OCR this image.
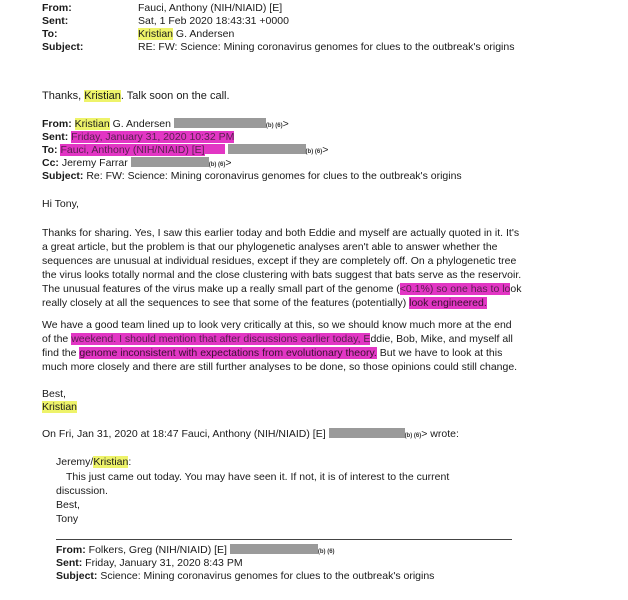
From:	Fauci, Anthony (NIH/NIAID) [E]
Sent:	Sat, 1 Feb 2020 18:43:31 +0000
To:	Kristian G. Andersen
Subject:	RE: FW: Science: Mining coronavirus genomes for clues to the outbreak's origins
Thanks, Kristian. Talk soon on the call.
From: Kristian G. Andersen	(b) (6)>
Sent: Friday, January 31, 2020 10:32 PM
To: Fauci, Anthony (NIH/NIAID) [E]	(b) (6)>
Cc: Jeremy Farrar	(b) (6)>
Subject: Re: FW: Science: Mining coronavirus genomes for clues to the outbreak's origins
Hi Tony,
Thanks for sharing. Yes, I saw this earlier today and both Eddie and myself are actually quoted in it. It's a great article, but the problem is that our phylogenetic analyses aren't able to answer whether the sequences are unusual at individual residues, except if they are completely off. On a phylogenetic tree the virus looks totally normal and the close clustering with bats suggest that bats serve as the reservoir. The unusual features of the virus make up a really small part of the genome (<0.1%) so one has to look really closely at all the sequences to see that some of the features (potentially) look engineered.
We have a good team lined up to look very critically at this, so we should know much more at the end of the weekend. I should mention that after discussions earlier today, Eddie, Bob, Mike, and myself all find the genome inconsistent with expectations from evolutionary theory. But we have to look at this much more closely and there are still further analyses to be done, so those opinions could still change.
Best,
Kristian
On Fri, Jan 31, 2020 at 18:47 Fauci, Anthony (NIH/NIAID) [E]	(b) (6)> wrote:
Jeremy/Kristian:
This just came out today. You may have seen it. If not, it is of interest to the current discussion.
Best,
Tony
From: Folkers, Greg (NIH/NIAID) [E]	(b) (6)
Sent: Friday, January 31, 2020 8:43 PM
Subject: Science: Mining coronavirus genomes for clues to the outbreak's origins
